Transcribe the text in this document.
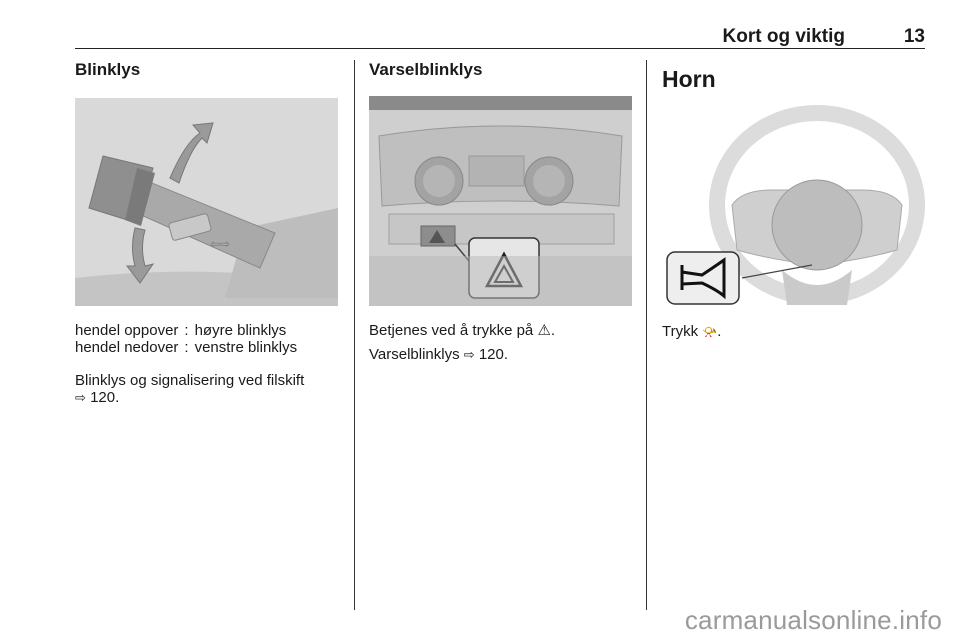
Kort og viktig	13
Blinklys
⇦⇨
hendel oppover	:	høyre blinklys
hendel nedover	:	venstre blinklys
Blinklys og signalisering ved filskift
⇨ 120.
Varselblinklys
Betjenes ved å trykke på ⚠.
Varselblinklys ⇨ 120.
Horn
Trykk 📯.
carmanualsonline.info
